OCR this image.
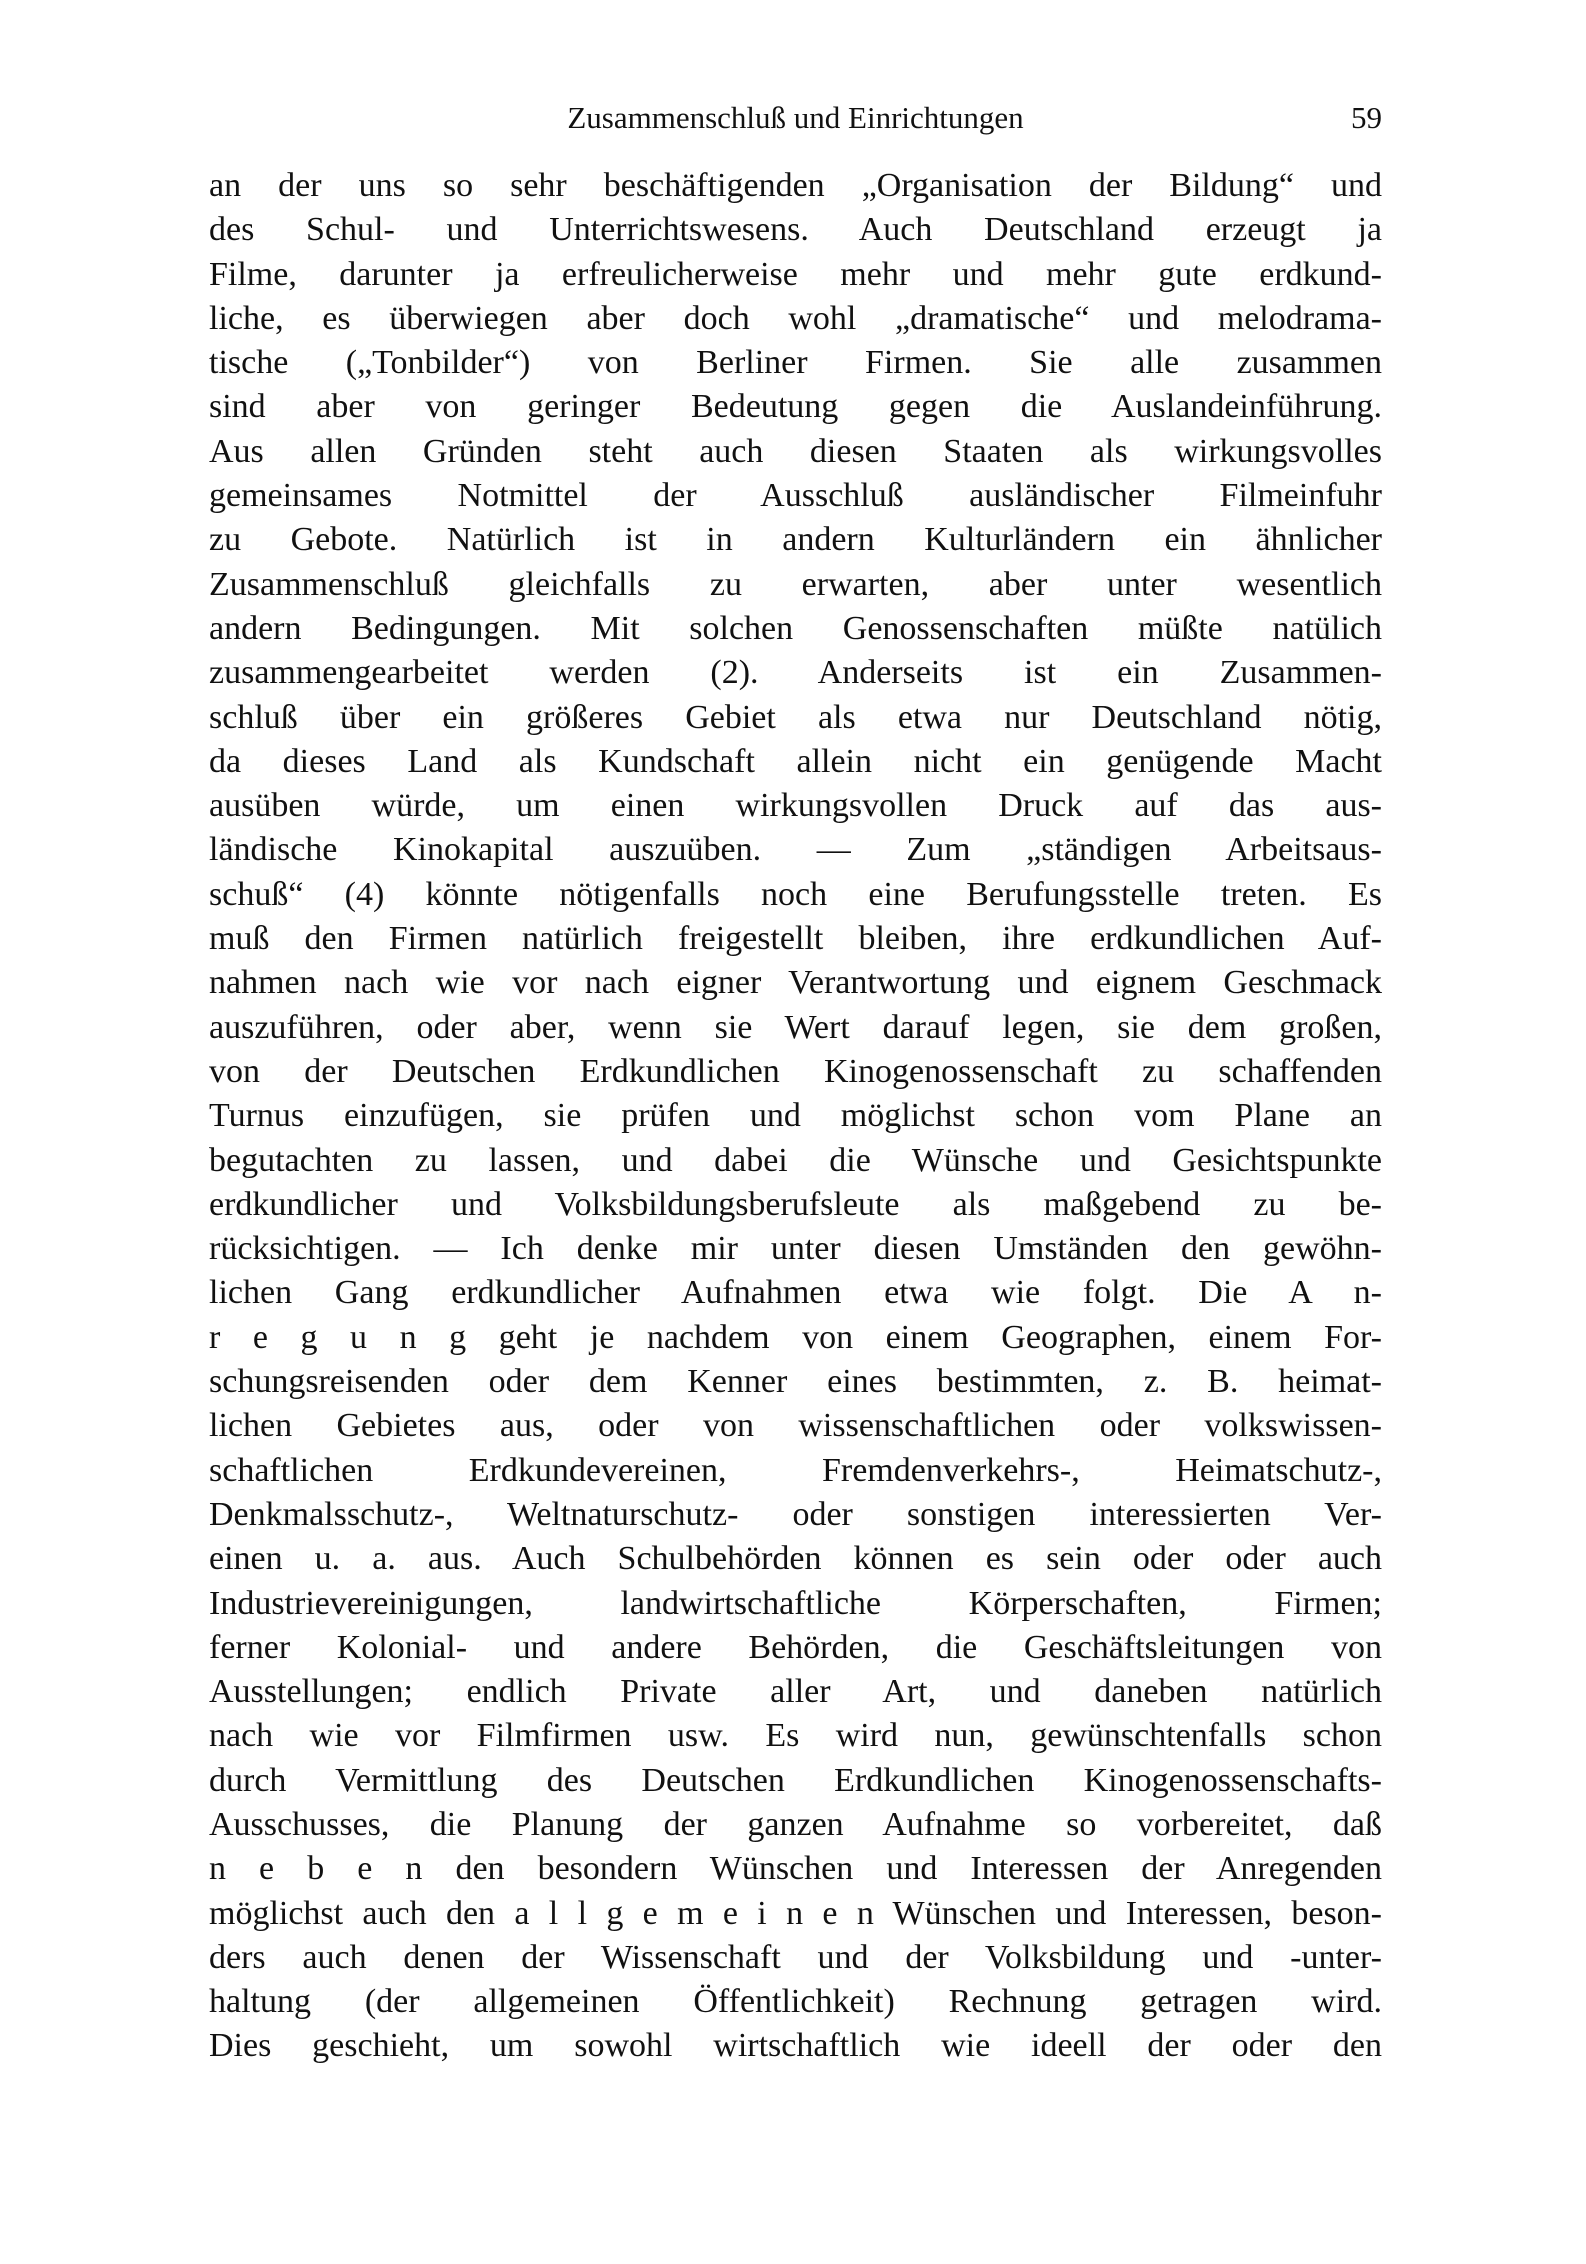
Zusammenschluß und Einrichtungen	59
an der uns so sehr beschäftigenden „Organisation der Bildung“ und
des Schul- und Unterrichtswesens. Auch Deutschland erzeugt ja
Filme, darunter ja erfreulicherweise mehr und mehr gute erdkund-
liche, es überwiegen aber doch wohl „dramatische“ und melodrama-
tische („Tonbilder“) von Berliner Firmen. Sie alle zusammen
sind aber von geringer Bedeutung gegen die Auslandeinführung.
Aus allen Gründen steht auch diesen Staaten als wirkungsvolles
gemeinsames Notmittel der Ausschluß ausländischer Filmeinfuhr
zu Gebote. Natürlich ist in andern Kulturländern ein ähnlicher
Zusammenschluß gleichfalls zu erwarten, aber unter wesentlich
andern Bedingungen. Mit solchen Genossenschaften müßte natülich
zusammengearbeitet werden (2). Anderseits ist ein Zusammen-
schluß über ein größeres Gebiet als etwa nur Deutschland nötig,
da dieses Land als Kundschaft allein nicht ein genügende Macht
ausüben würde, um einen wirkungsvollen Druck auf das aus-
ländische Kinokapital auszuüben. — Zum „ständigen Arbeitsaus-
schuß“ (4) könnte nötigenfalls noch eine Berufungsstelle treten. Es
muß den Firmen natürlich freigestellt bleiben, ihre erdkundlichen Auf-
nahmen nach wie vor nach eigner Verantwortung und eignem Geschmack
auszuführen, oder aber, wenn sie Wert darauf legen, sie dem großen,
von der Deutschen Erdkundlichen Kinogenossenschaft zu schaffenden
Turnus einzufügen, sie prüfen und möglichst schon vom Plane an
begutachten zu lassen, und dabei die Wünsche und Gesichtspunkte
erdkundlicher und Volksbildungsberufsleute als maßgebend zu be-
rücksichtigen. — Ich denke mir unter diesen Umständen den gewöhn-
lichen Gang erdkundlicher Aufnahmen etwa wie folgt. Die A n-
r e g u n g geht je nachdem von einem Geographen, einem For-
schungsreisenden oder dem Kenner eines bestimmten, z. B. heimat-
lichen Gebietes aus, oder von wissenschaftlichen oder volkswissen-
schaftlichen Erdkundevereinen, Fremdenverkehrs-, Heimatschutz-,
Denkmalsschutz-, Weltnaturschutz- oder sonstigen interessierten Ver-
einen u. a. aus. Auch Schulbehörden können es sein oder oder auch
Industrievereinigungen, landwirtschaftliche Körperschaften, Firmen;
ferner Kolonial- und andere Behörden, die Geschäftsleitungen von
Ausstellungen; endlich Private aller Art, und daneben natürlich
nach wie vor Filmfirmen usw. Es wird nun, gewünschtenfalls schon
durch Vermittlung des Deutschen Erdkundlichen Kinogenossenschafts-
Ausschusses, die Planung der ganzen Aufnahme so vorbereitet, daß
n e b e n den besondern Wünschen und Interessen der Anregenden
möglichst auch den a l l g e m e i n e n Wünschen und Interessen, beson-
ders auch denen der Wissenschaft und der Volksbildung und -unter-
haltung (der allgemeinen Öffentlichkeit) Rechnung getragen wird.
Dies geschieht, um sowohl wirtschaftlich wie ideell der oder den
